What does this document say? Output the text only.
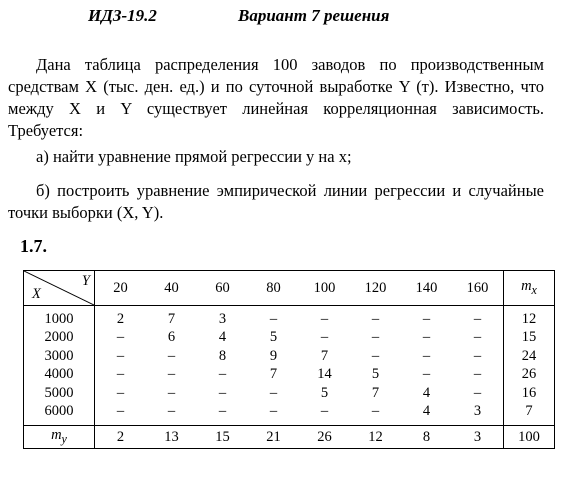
ИДЗ-19.2	Вариант 7 решения
Дана таблица распределения 100 заводов по производственным средствам X (тыс. ден. ед.) и по суточной выработке Y (т). Известно, что между X и Y существует линейная корреляционная зависимость. Требуется:
а) найти уравнение прямой регрессии y на x;
б) построить уравнение эмпирической линии регрессии и случайные точки выборки (X, Y).
1.7.
Y
X	20	40	60	80	100	120	140	160	$m_x$
1000	2	7	3	–	–	–	–	–	12
2000	–	6	4	5	–	–	–	–	15
3000	–	–	8	9	7	–	–	–	24
4000	–	–	–	7	14	5	–	–	26
5000	–	–	–	–	5	7	4	–	16
6000	–	–	–	–	–	–	4	3	7
$m_y$	2	13	15	21	26	12	8	3	100
